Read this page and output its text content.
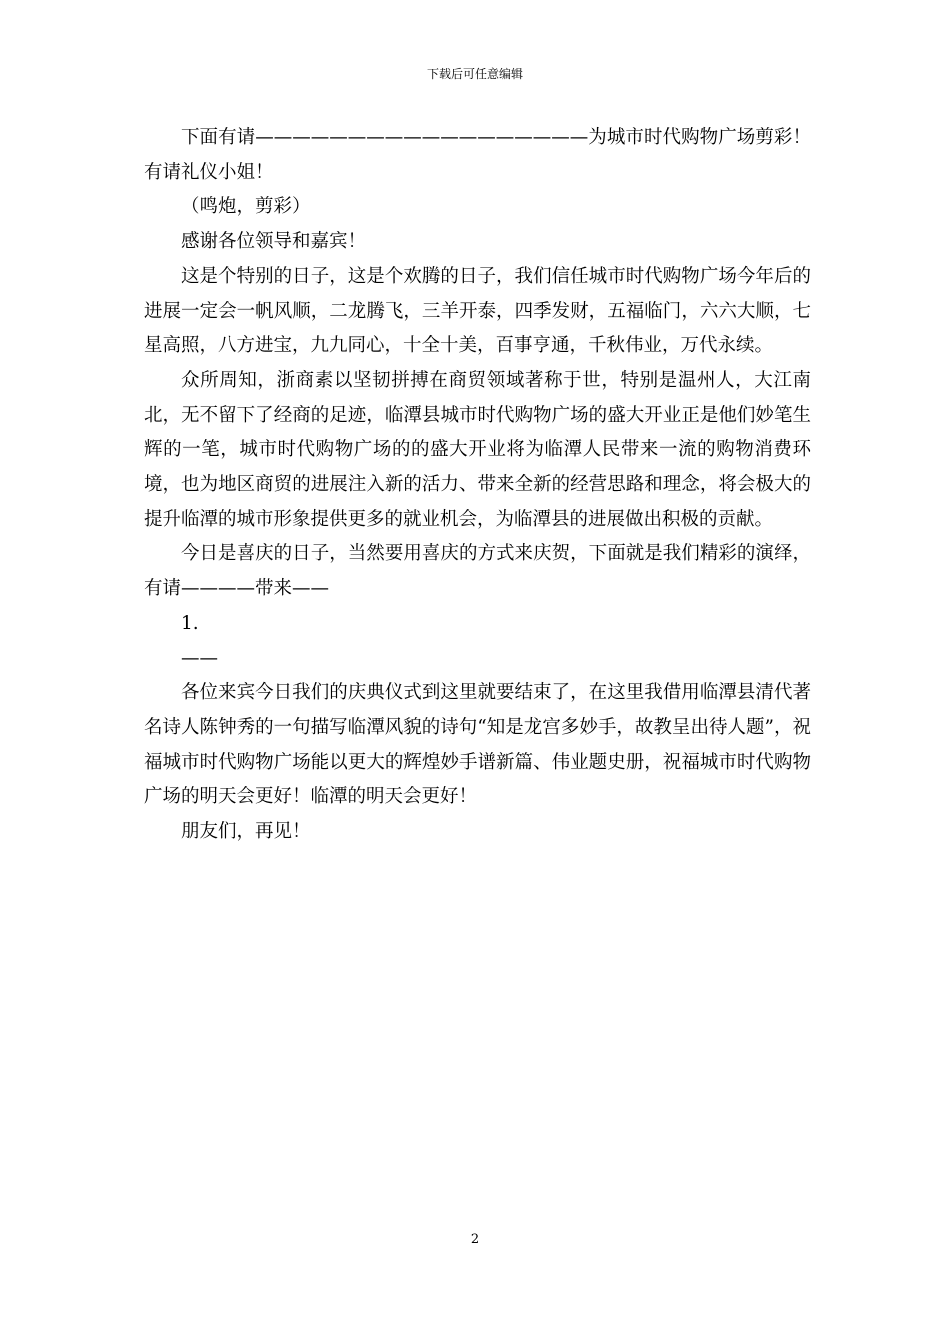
下载后可任意编辑

下面有请——————————————————为城市时代购物广场剪彩！有请礼仪小姐！

（鸣炮，剪彩）

感谢各位领导和嘉宾！

这是个特别的日子，这是个欢腾的日子，我们信任城市时代购物广场今年后的进展一定会一帆风顺，二龙腾飞，三羊开泰，四季发财，五福临门，六六大顺，七星高照，八方进宝，九九同心，十全十美，百事亨通，千秋伟业，万代永续。

众所周知，浙商素以坚韧拼搏在商贸领域著称于世，特别是温州人，大江南北，无不留下了经商的足迹，临潭县城市时代购物广场的盛大开业正是他们妙笔生辉的一笔，城市时代购物广场的的盛大开业将为临潭人民带来一流的购物消费环境，也为地区商贸的进展注入新的活力、带来全新的经营思路和理念，将会极大的提升临潭的城市形象提供更多的就业机会，为临潭县的进展做出积极的贡献。

今日是喜庆的日子，当然要用喜庆的方式来庆贺，下面就是我们精彩的演绎，有请————带来——

1.

——

各位来宾今日我们的庆典仪式到这里就要结束了，在这里我借用临潭县清代著名诗人陈钟秀的一句描写临潭风貌的诗句“知是龙宫多妙手，故教呈出待人题”，祝福城市时代购物广场能以更大的辉煌妙手谱新篇、伟业题史册，祝福城市时代购物广场的明天会更好！临潭的明天会更好！

朋友们，再见！

2
